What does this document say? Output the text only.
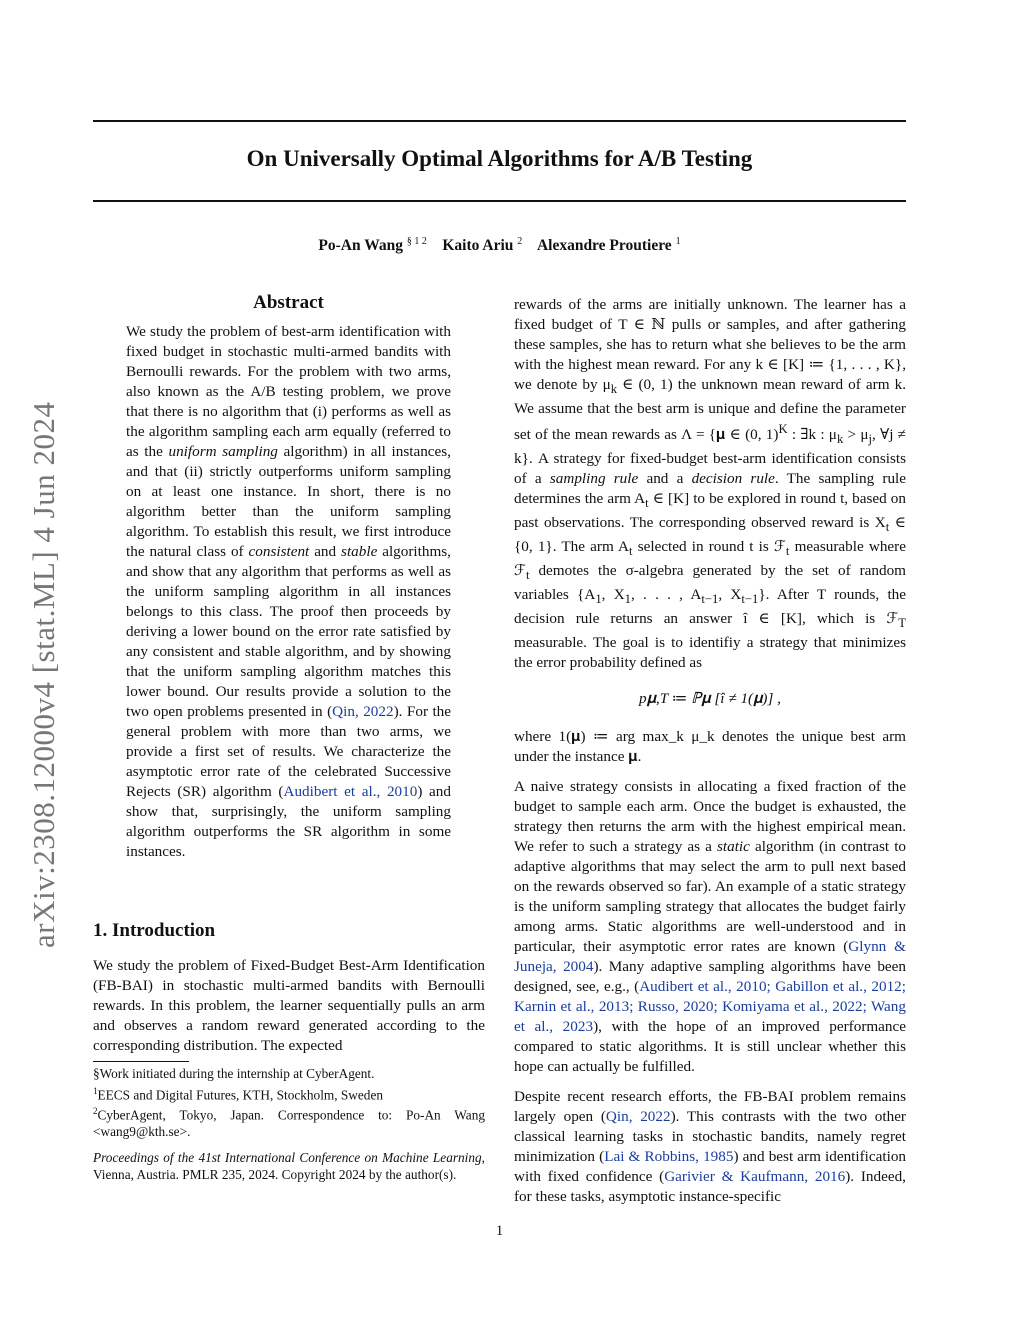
arXiv:2308.12000v4 [stat.ML] 4 Jun 2024
On Universally Optimal Algorithms for A/B Testing
Po-An Wang $^{\S 1 2}$ Kaito Ariu $^2$ Alexandre Proutiere $^1$
Abstract

We study the problem of best-arm identification with fixed budget in stochastic multi-armed bandits with Bernoulli rewards. For the problem with two arms, also known as the A/B testing problem, we prove that there is no algorithm that (i) performs as well as the algorithm sampling each arm equally (referred to as the uniform sampling algorithm) in all instances, and that (ii) strictly outperforms uniform sampling on at least one instance. In short, there is no algorithm better than the uniform sampling algorithm. To establish this result, we first introduce the natural class of consistent and stable algorithms, and show that any algorithm that performs as well as the uniform sampling algorithm in all instances belongs to this class. The proof then proceeds by deriving a lower bound on the error rate satisfied by any consistent and stable algorithm, and by showing that the uniform sampling algorithm matches this lower bound. Our results provide a solution to the two open problems presented in (Qin, 2022). For the general problem with more than two arms, we provide a first set of results. We characterize the asymptotic error rate of the celebrated Successive Rejects (SR) algorithm (Audibert et al., 2010) and show that, surprisingly, the uniform sampling algorithm outperforms the SR algorithm in some instances.

1. Introduction

We study the problem of Fixed-Budget Best-Arm Identification (FB-BAI) in stochastic multi-armed bandits with Bernoulli rewards. In this problem, the learner sequentially pulls an arm and observes a random reward generated according to the corresponding distribution. The expected

§Work initiated during the internship at CyberAgent.

$^1$EECS and Digital Futures, KTH, Stockholm, Sweden

$^2$CyberAgent, Tokyo, Japan. Correspondence to: Po-An Wang <wang9@kth.se>.

Proceedings of the 41st International Conference on Machine Learning, Vienna, Austria. PMLR 235, 2024. Copyright 2024 by the author(s).

rewards of the arms are initially unknown. The learner has a fixed budget of T ∈ ℕ pulls or samples, and after gathering these samples, she has to return what she believes to be the arm with the highest mean reward. For any k ∈ [K] ≔ {1, . . . , K}, we denote by $\mu_k$ ∈ (0, 1) the unknown mean reward of arm k. We assume that the best arm is unique and define the parameter set of the mean rewards as Λ = {𝛍 ∈ (0, 1)$^K$ : ∃k : $\mu_k > \mu_j$, ∀j ≠ k}. A strategy for fixed-budget best-arm identification consists of a sampling rule and a decision rule. The sampling rule determines the arm $A_t$ ∈ [K] to be explored in round t, based on past observations. The corresponding observed reward is $X_t$ ∈ {0, 1}. The arm $A_t$ selected in round t is ℱ$_t$ measurable where ℱ$_t$ demotes the σ-algebra generated by the set of random variables {$A_1$, $X_1$, . . . , $A_{t-1}$, $X_{t-1}$}. After T rounds, the decision rule returns an answer î ∈ [K], which is ℱ$_T$ measurable. The goal is to identifiy a strategy that minimizes the error probability defined as

p𝛍,T ≔ ℙ𝛍 [î ≠ 1(𝛍)] ,

where 1(𝛍) ≔ arg max_k μ_k denotes the unique best arm under the instance 𝛍.

A naive strategy consists in allocating a fixed fraction of the budget to sample each arm. Once the budget is exhausted, the strategy then returns the arm with the highest empirical mean. We refer to such a strategy as a static algorithm (in contrast to adaptive algorithms that may select the arm to pull next based on the rewards observed so far). An example of a static strategy is the uniform sampling strategy that allocates the budget fairly among arms. Static algorithms are well-understood and in particular, their asymptotic error rates are known (Glynn & Juneja, 2004). Many adaptive sampling algorithms have been designed, see, e.g., (Audibert et al., 2010; Gabillon et al., 2012; Karnin et al., 2013; Russo, 2020; Komiyama et al., 2022; Wang et al., 2023), with the hope of an improved performance compared to static algorithms. It is still unclear whether this hope can actually be fulfilled.

Despite recent research efforts, the FB-BAI problem remains largely open (Qin, 2022). This contrasts with the two other classical learning tasks in stochastic bandits, namely regret minimization (Lai & Robbins, 1985) and best arm identification with fixed confidence (Garivier & Kaufmann, 2016). Indeed, for these tasks, asymptotic instance-specific

1
